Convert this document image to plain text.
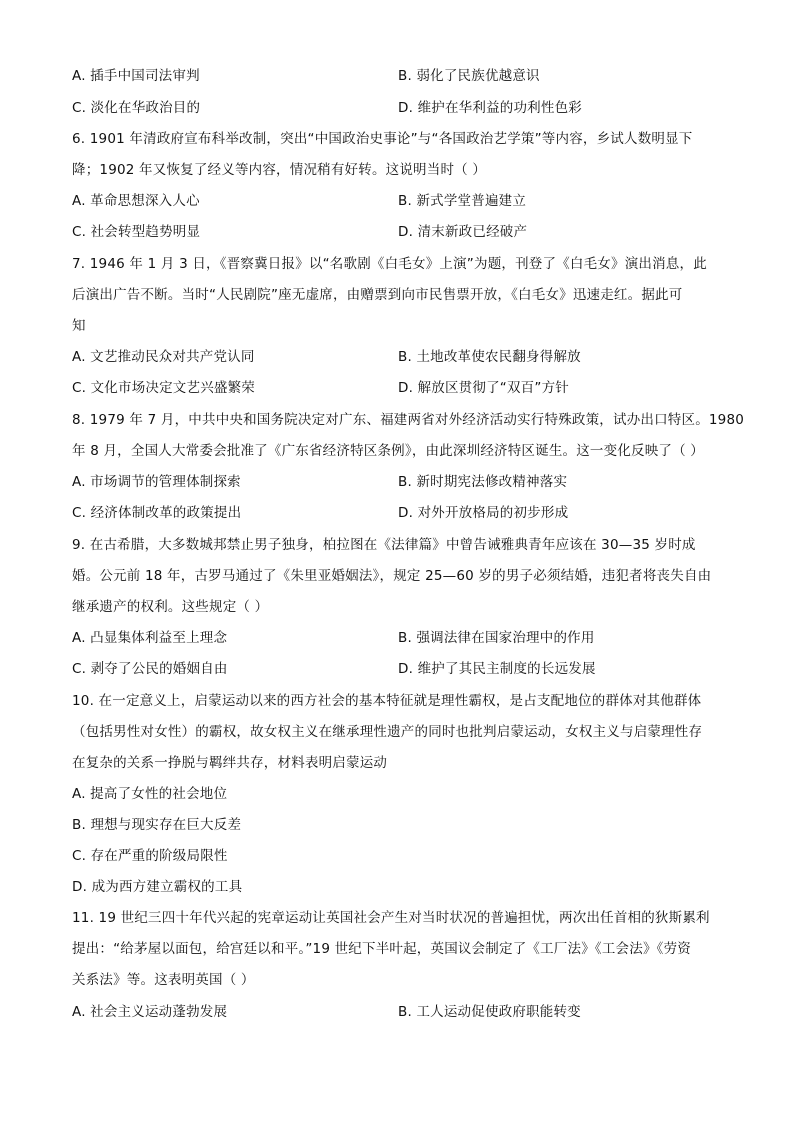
A. 插手中国司法审判	B. 弱化了民族优越意识
C. 淡化在华政治目的	D. 维护在华利益的功利性色彩
6. 1901 年清政府宣布科举改制，突出“中国政治史事论”与“各国政治艺学策”等内容，乡试人数明显下
降；1902 年又恢复了经义等内容，情况稍有好转。这说明当时（ ）
A. 革命思想深入人心	B. 新式学堂普遍建立
C. 社会转型趋势明显	D. 清末新政已经破产
7. 1946 年 1 月 3 日，《晋察冀日报》以“名歌剧《白毛女》上演”为题，刊登了《白毛女》演出消息，此
后演出广告不断。当时“人民剧院”座无虚席，由赠票到向市民售票开放，《白毛女》迅速走红。据此可
知
A. 文艺推动民众对共产党认同	B. 土地改革使农民翻身得解放
C. 文化市场决定文艺兴盛繁荣	D. 解放区贯彻了“双百”方针
8. 1979 年 7 月，中共中央和国务院决定对广东、福建两省对外经济活动实行特殊政策，试办出口特区。1980
年 8 月，全国人大常委会批准了《广东省经济特区条例》，由此深圳经济特区诞生。这一变化反映了（ ）
A. 市场调节的管理体制探索	B. 新时期宪法修改精神落实
C. 经济体制改革的政策提出	D. 对外开放格局的初步形成
9. 在古希腊，大多数城邦禁止男子独身，柏拉图在《法律篇》中曾告诫雅典青年应该在 30—35 岁时成
婚。公元前 18 年，古罗马通过了《朱里亚婚姻法》，规定 25—60 岁的男子必须结婚，违犯者将丧失自由
继承遗产的权利。这些规定（ ）
A. 凸显集体利益至上理念	B. 强调法律在国家治理中的作用
C. 剥夺了公民的婚姻自由	D. 维护了其民主制度的长远发展
10. 在一定意义上，启蒙运动以来的西方社会的基本特征就是理性霸权，是占支配地位的群体对其他群体
（包括男性对女性）的霸权，故女权主义在继承理性遗产的同时也批判启蒙运动，女权主义与启蒙理性存
在复杂的关系一挣脱与羁绊共存，材料表明启蒙运动
A. 提高了女性的社会地位
B. 理想与现实存在巨大反差
C. 存在严重的阶级局限性
D. 成为西方建立霸权的工具
11. 19 世纪三四十年代兴起的宪章运动让英国社会产生对当时状况的普遍担忧，两次出任首相的狄斯累利
提出：“给茅屋以面包，给宫廷以和平。”19 世纪下半叶起，英国议会制定了《工厂法》《工会法》《劳资
关系法》等。这表明英国（ ）
A. 社会主义运动蓬勃发展	B. 工人运动促使政府职能转变
